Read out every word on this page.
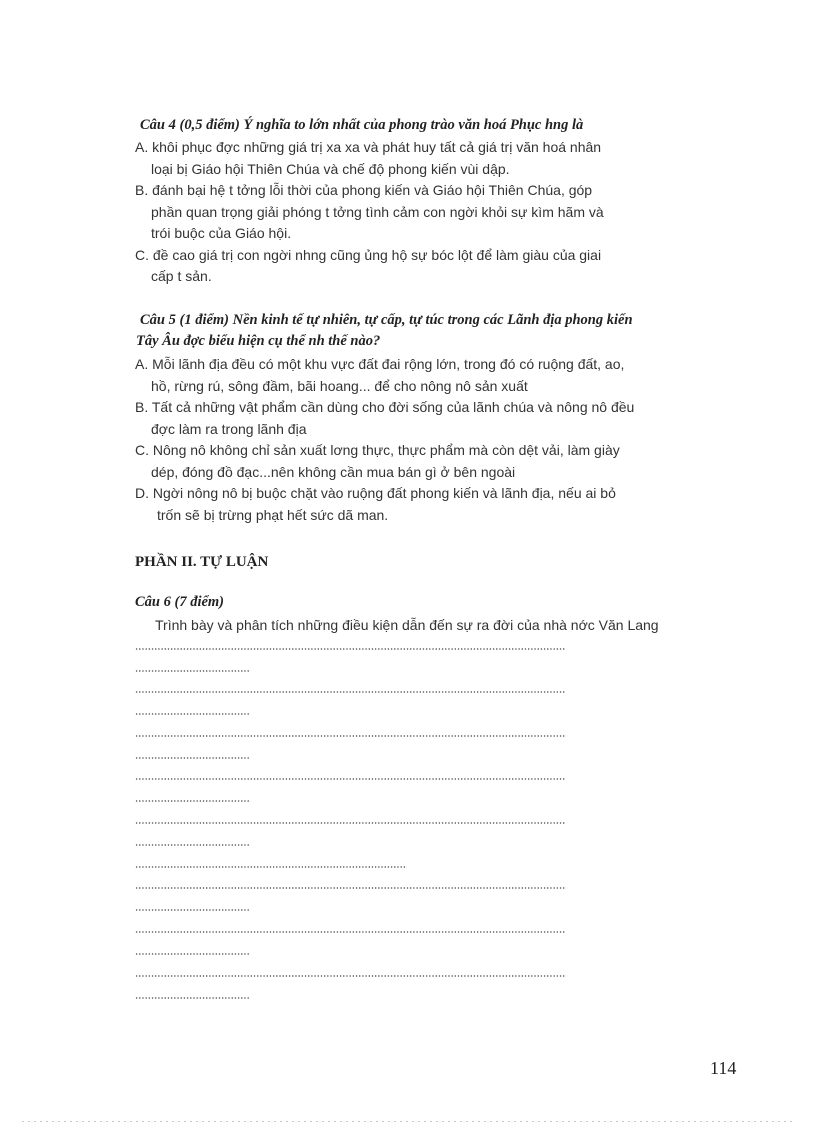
Câu 4 (0,5 điểm) Ý nghĩa to lớn nhất của phong trào văn hoá Phục hng là
A. khôi phục đợc những giá trị xa xa và phát huy tất cả giá trị văn hoá nhân
loại bị Giáo hội Thiên Chúa và chế độ phong kiến vùi dập.
B. đánh bại hệ t tởng lỗi thời của phong kiến và Giáo hội Thiên Chúa, góp
phần quan trọng giải phóng t tởng tình cảm con ngời khỏi sự kìm hãm và
trói buộc của Giáo hội.
C. đề cao giá trị con ngời nhng cũng ủng hộ sự bóc lột để làm giàu của giai
cấp t sản.
Câu 5 (1 điểm) Nền kinh tế tự nhiên, tự cấp, tự túc trong các Lãnh địa phong kiến
Tây Âu đợc biểu hiện cụ thể nh thế nào?
A. Mỗi lãnh địa đều có một khu vực đất đai rộng lớn, trong đó có ruộng đất, ao,
hồ, rừng rú, sông đầm, bãi hoang... để cho nông nô sản xuất
B. Tất cả những vật phẩm cần dùng cho đời sống của lãnh chúa và nông nô đều
đợc làm ra trong lãnh địa
C. Nông nô không chỉ sản xuất lơng thực, thực phẩm mà còn dệt vải, làm giày
dép, đóng đồ đạc...nên không cần mua bán gì ở bên ngoài
D. Ngời nông nô bị buộc chặt vào ruộng đất phong kiến và lãnh địa, nếu ai bỏ
trốn sẽ bị trừng phạt hết sức dã man.
PHẦN II. TỰ LUẬN
Câu 6 (7 điểm)
Trình bày và phân tích những điều kiện dẫn đến sự ra đời của nhà nớc Văn Lang
114
